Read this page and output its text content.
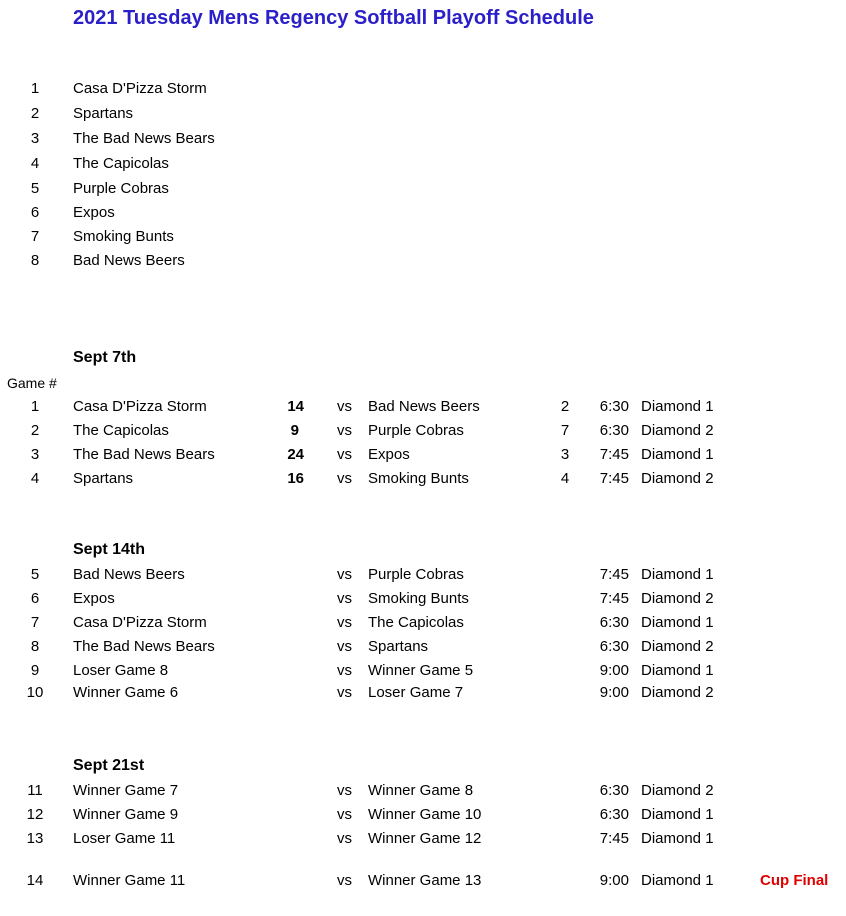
2021 Tuesday Mens Regency Softball Playoff Schedule
1	Casa D'Pizza Storm
2	Spartans
3	The Bad News Bears
4	The Capicolas
5	Purple Cobras
6	Expos
7	Smoking Bunts
8	Bad News Beers
Sept 7th
Game #
1	Casa D'Pizza Storm	14 vs Bad News Beers	2	6:30 Diamond 1
2	The Capicolas	9	vs Purple Cobras	7	6:30 Diamond 2
3	The Bad News Bears	24 vs Expos	3	7:45 Diamond 1
4	Spartans	16 vs Smoking Bunts	4	7:45 Diamond 2
Sept 14th
5	Bad News Beers	vs Purple Cobras	7:45 Diamond 1
6	Expos	vs Smoking Bunts	7:45 Diamond 2
7	Casa D'Pizza Storm	vs The Capicolas	6:30 Diamond 1
8	The Bad News Bears	vs Spartans	6:30 Diamond 2
9	Loser Game 8	vs Winner Game 5	9:00 Diamond 1
10 Winner Game 6	vs Loser Game 7	9:00 Diamond 2
Sept 21st
11 Winner Game 7	vs Winner Game 8	6:30 Diamond 2
12 Winner Game 9	vs Winner Game 10	6:30 Diamond 1
13 Loser Game 11	vs Winner Game 12	7:45 Diamond 1
14 Winner Game 11	vs Winner Game 13	9:00 Diamond 1	Cup Final
